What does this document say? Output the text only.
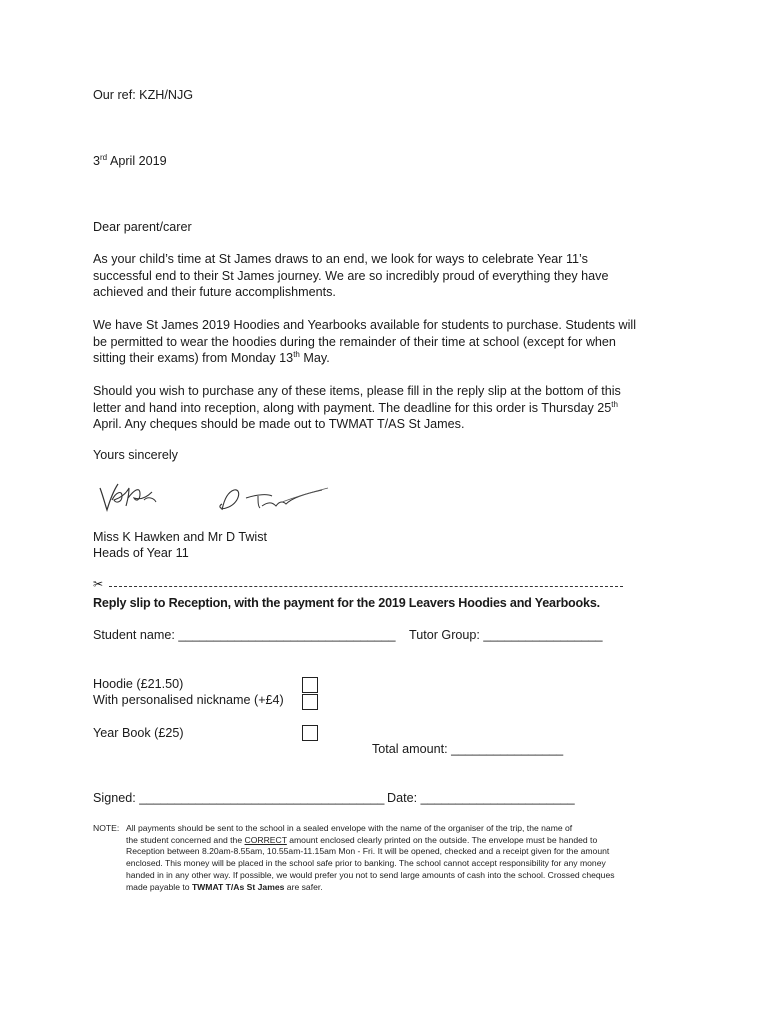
Our ref: KZH/NJG
3rd April 2019
Dear parent/carer
As your child’s time at St James draws to an end, we look for ways to celebrate Year 11’s successful end to their St James journey. We are so incredibly proud of everything they have achieved and their future accomplishments.
We have St James 2019 Hoodies and Yearbooks available for students to purchase. Students will be permitted to wear the hoodies during the remainder of their time at school (except for when sitting their exams) from Monday 13th May.
Should you wish to purchase any of these items, please fill in the reply slip at the bottom of this letter and hand into reception, along with payment. The deadline for this order is Thursday 25th April. Any cheques should be made out to TWMAT T/AS St James.
Yours sincerely
Miss K Hawken and Mr D Twist
Heads of Year 11
✂
Reply slip to Reception, with the payment for the 2019 Leavers Hoodies and Yearbooks.
Student name: _______________________________ Tutor Group: _________________
Hoodie (£21.50)
With personalised nickname (+£4)
Year Book (£25)
Total amount: ________________
Signed: ___________________________________ Date: ______________________
NOTE: All payments should be sent to the school in a sealed envelope with the name of the organiser of the trip, the name of
the student concerned and the CORRECT amount enclosed clearly printed on the outside. The envelope must be handed to Reception between 8.20am-8.55am, 10.55am-11.15am Mon - Fri. It will be opened, checked and a receipt given for the amount enclosed. This money will be placed in the school safe prior to banking. The school cannot accept responsibility for any money handed in in any other way. If possible, we would prefer you not to send large amounts of cash into the school. Crossed cheques made payable to TWMAT T/As St James are safer.
